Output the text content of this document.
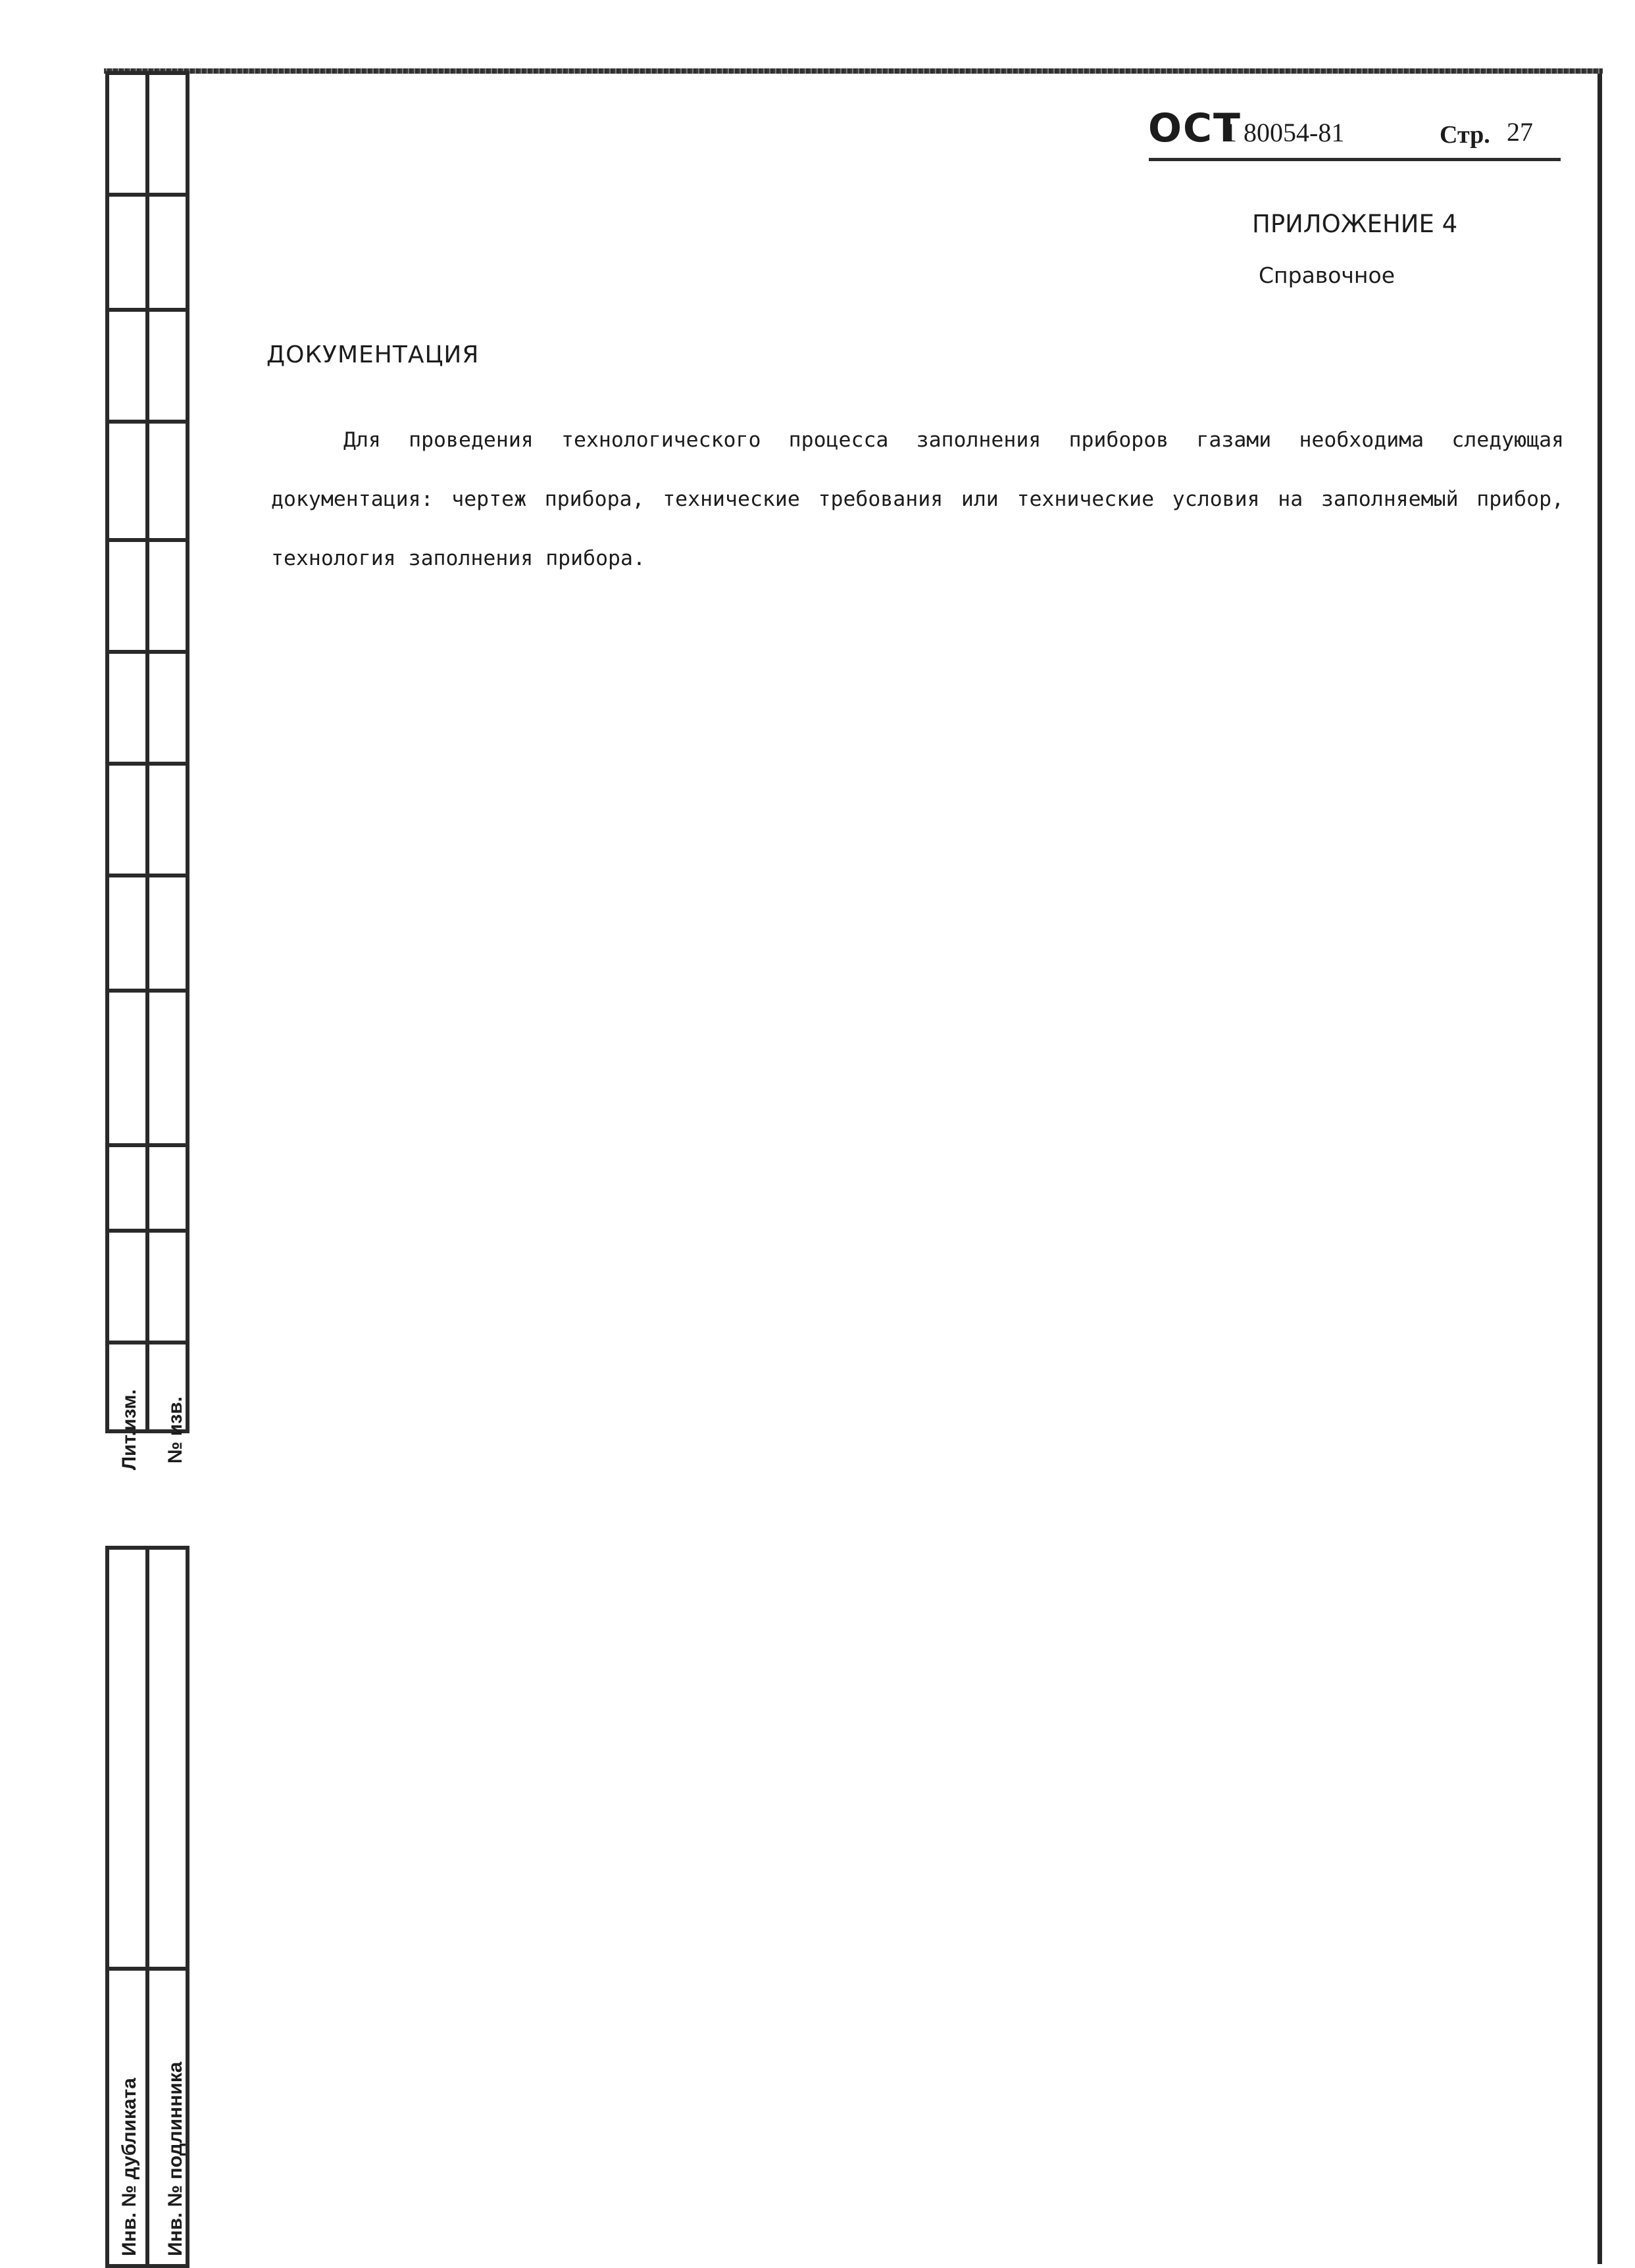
Лит.изм. № изв.
Инв. № дубликата Инв. № подлинника
ОСТ
1 80054-81	Стр. 27
ПРИЛОЖЕНИЕ 4
Справочное
ДОКУМЕНТАЦИЯ

Для проведения технологического процесса заполнения приборов газами необходима следующая документация: чертеж прибора, технические требования или технические условия на заполняемый прибор, технология заполнения прибора.
